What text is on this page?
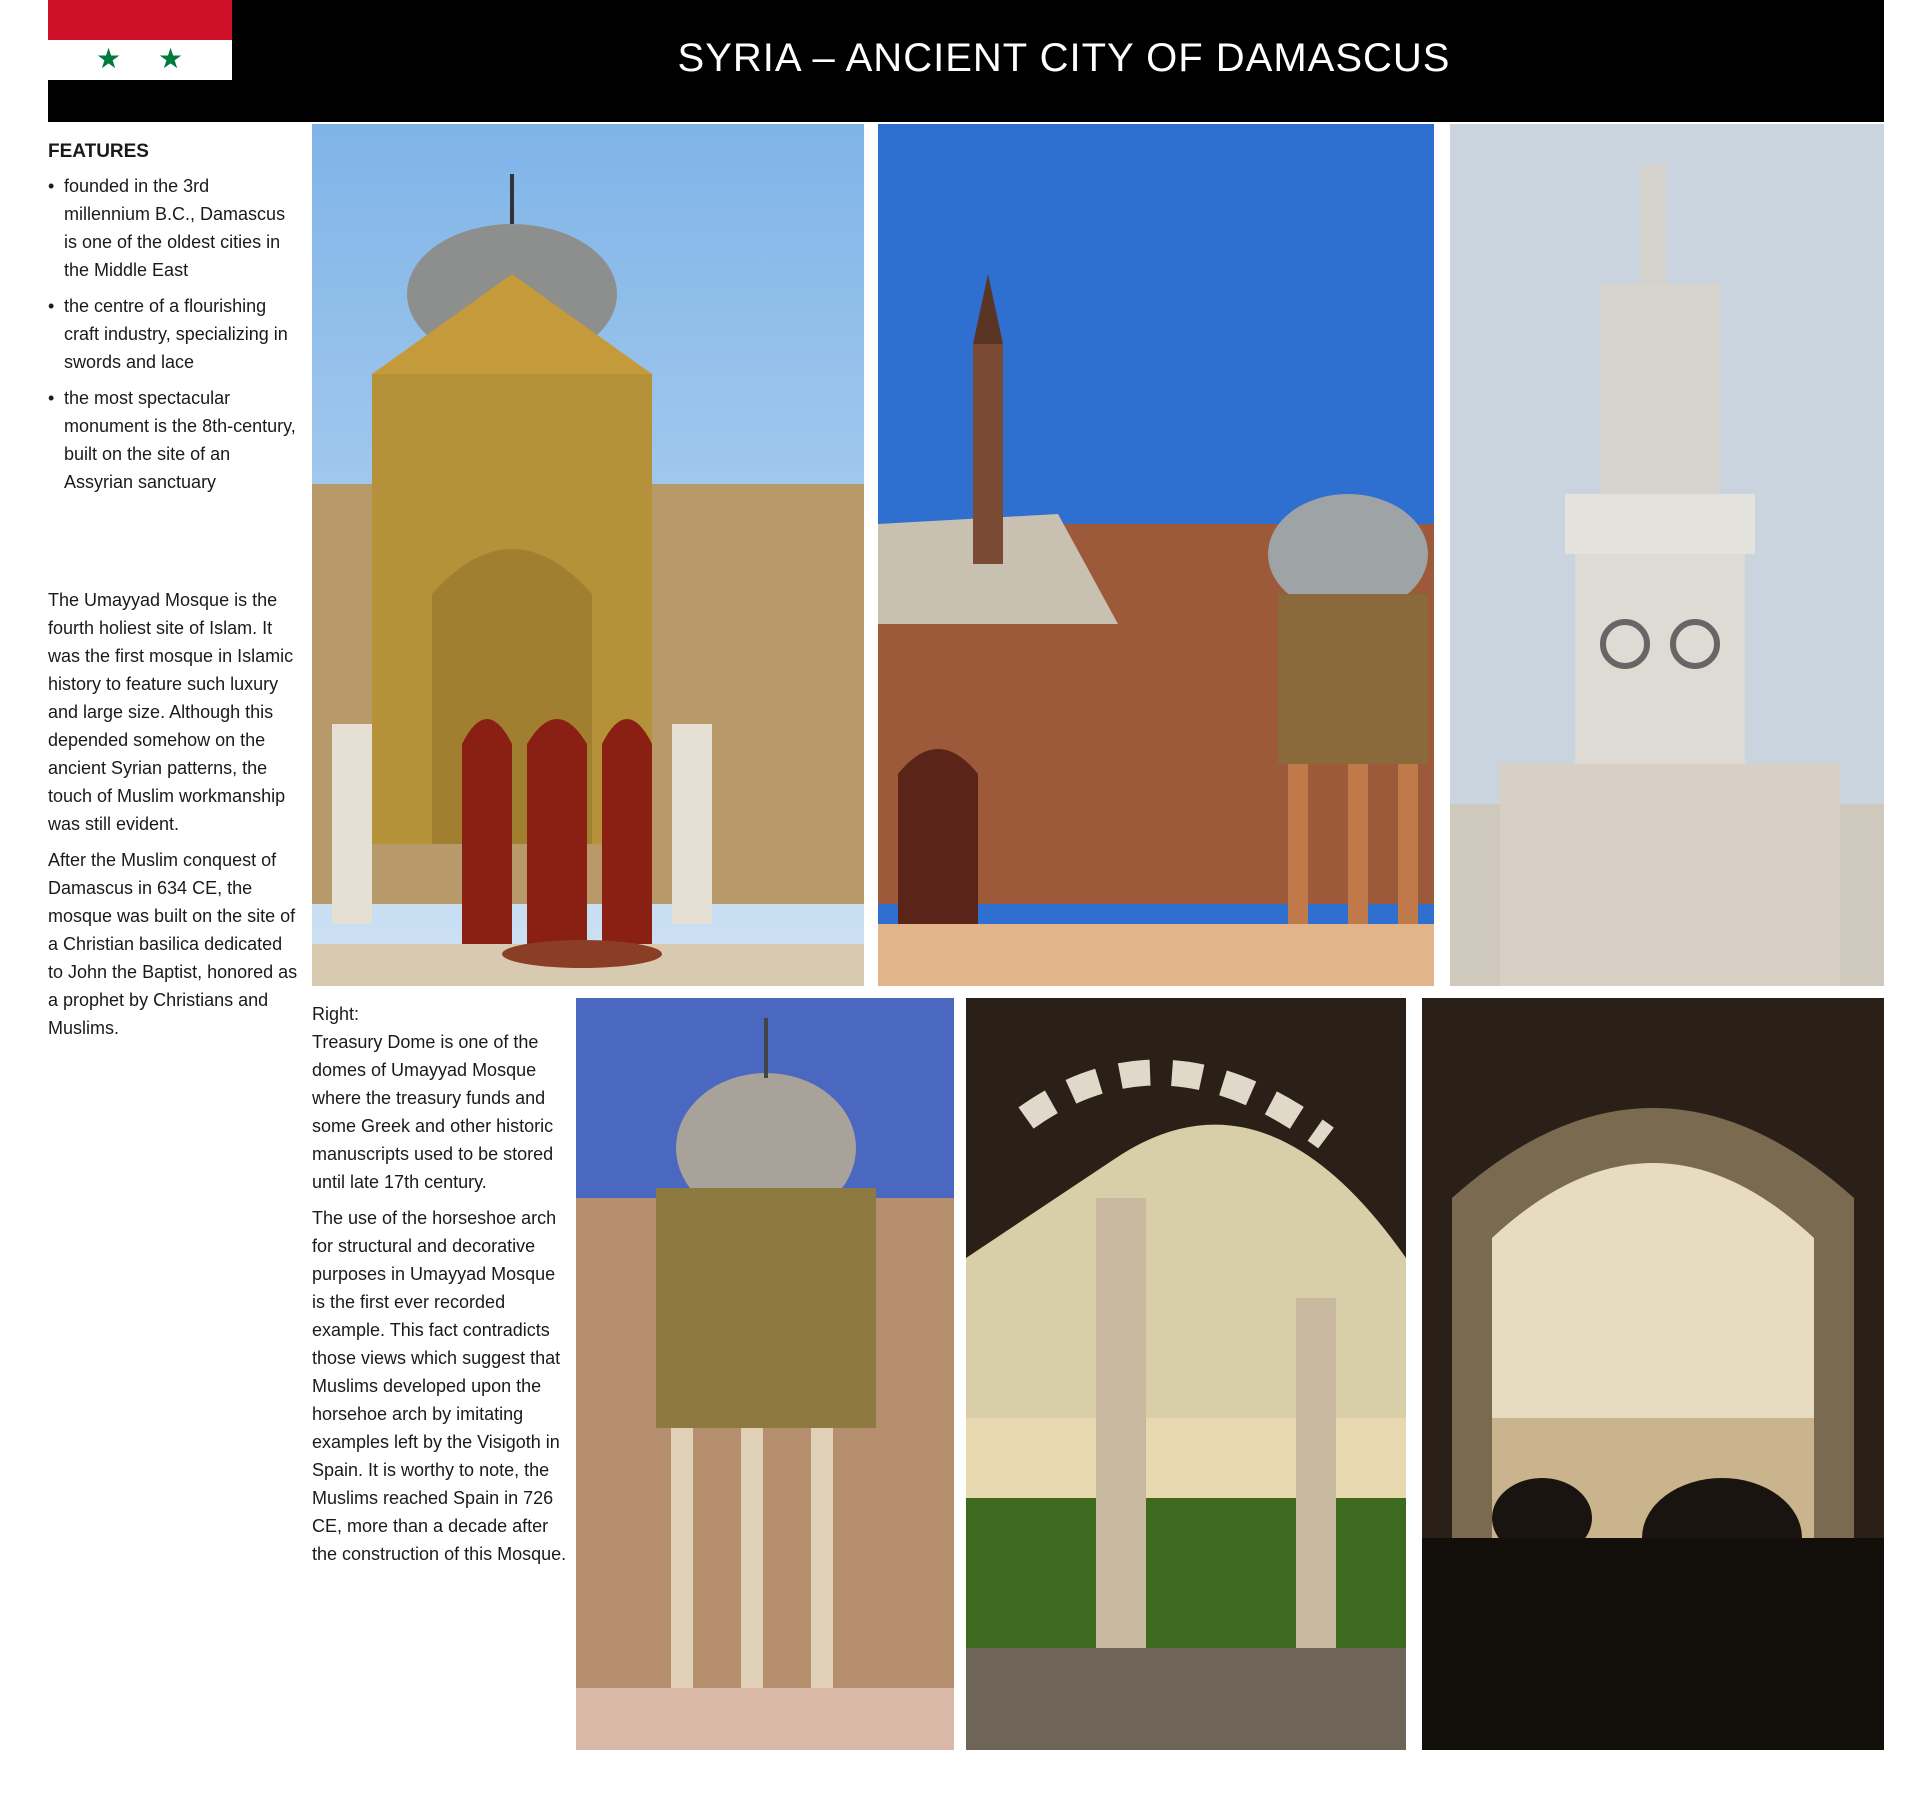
★ ★	SYRIA – ANCIENT CITY OF DAMASCUS
FEATURES
• founded in the 3rd millennium B.C., Damascus is one of the oldest cities in the Middle East
• the centre of a flourishing craft industry, specializing in swords and lace
• the most spectacular monument is the 8th-century, built on the site of an Assyrian sanctuary

The Umayyad Mosque is the fourth holiest site of Islam. It was the first mosque in Islamic history to feature such luxury and large size. Although this depended somehow on the ancient Syrian patterns, the touch of Muslim workmanship was still evident.

After the Muslim conquest of Damascus in 634 CE, the mosque was built on the site of a Christian basilica dedicated to John the Baptist, honored as a prophet by Christians and Muslims.

Right:

Treasury Dome is one of the domes of Umayyad Mosque where the treasury funds and some Greek and other historic manuscripts used to be stored until late 17th century.

The use of the horseshoe arch for structural and decorative purposes in Umayyad Mosque is the first ever recorded example. This fact contradicts those views which suggest that Muslims developed upon the horsehoe arch by imitating examples left by the Visigoth in Spain. It is worthy to note, the Muslims reached Spain in 726 CE, more than a decade after the construction of this Mosque.
